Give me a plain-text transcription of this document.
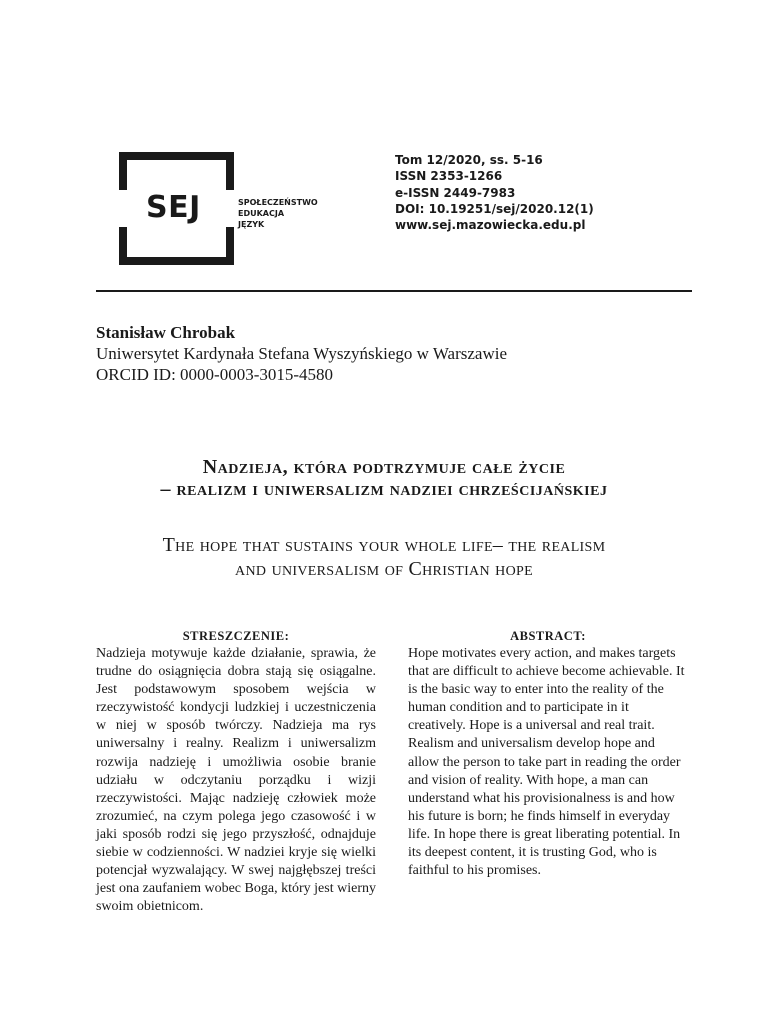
SEJ	SPOŁECZEŃSTWO
EDUKACJA
JĘZYK
Tom 12/2020, ss. 5-16
ISSN 2353-1266
e-ISSN 2449-7983
DOI: 10.19251/sej/2020.12(1)
www.sej.mazowiecka.edu.pl
Stanisław Chrobak
Uniwersytet Kardynała Stefana Wyszyńskiego w Warszawie
ORCID ID: 0000-0003-3015-4580
Nadzieja, która podtrzymuje całe życie
– realizm i uniwersalizm nadziei chrześcijańskiej
The hope that sustains your whole life– the realism
and universalism of Christian hope
STRESZCZENIE:
Nadzieja motywuje każde działanie, sprawia, że trudne do osiągnięcia dobra stają się osiągalne. Jest podstawowym sposobem wejścia w rzeczywistość kondycji ludzkiej i uczestniczenia w niej w sposób twórczy. Nadzieja ma rys uniwersalny i realny. Realizm i uniwersalizm rozwija nadzieję i umożliwia osobie branie udziału w odczytaniu porządku i wizji rzeczywistości. Mając nadzieję człowiek może zrozumieć, na czym polega jego czasowość i w jaki sposób rodzi się jego przyszłość, odnajduje siebie w codzienności. W nadziei kryje się wielki potencjał wyzwalający. W swej najgłębszej treści jest ona zaufaniem wobec Boga, który jest wierny swoim obietnicom.
ABSTRACT:
Hope motivates every action, and makes targets that are difficult to achieve become achievable. It is the basic way to enter into the reality of the human condition and to participate in it creatively. Hope is a universal and real trait. Realism and universalism develop hope and allow the person to take part in reading the order and vision of reality. With hope, a man can understand what his provisionalness is and how his future is born; he finds himself in everyday life. In hope there is great liberating potential. In its deepest content, it is trusting God, who is faithful to his promises.
